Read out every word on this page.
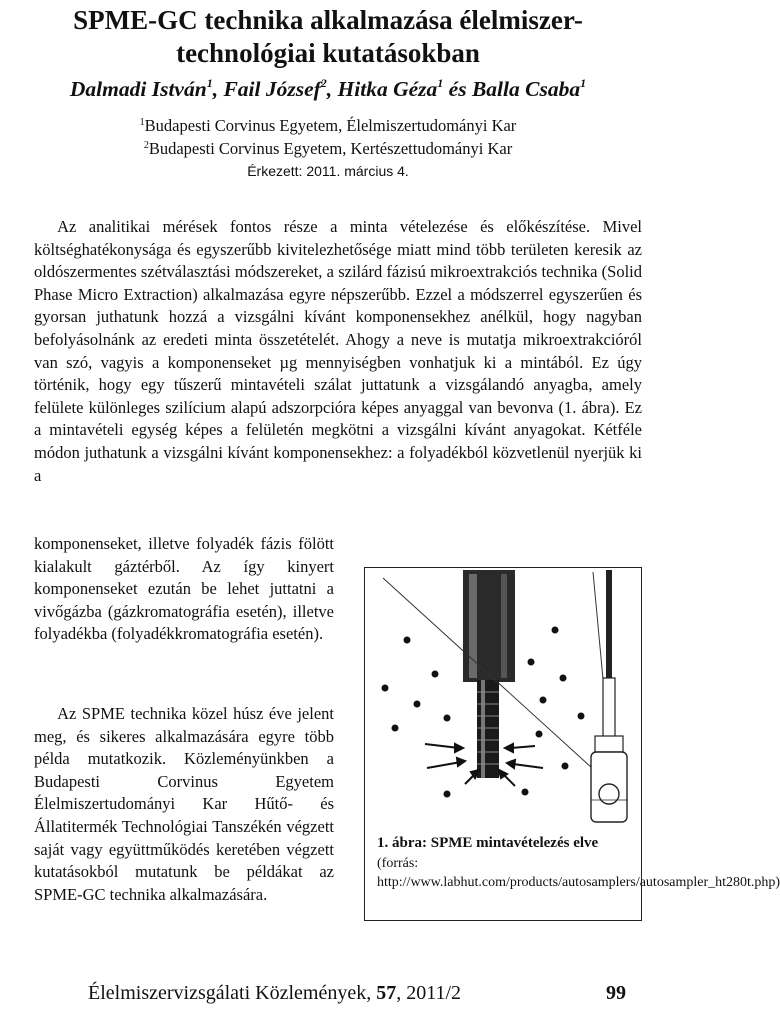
SPME-GC technika alkalmazása élelmiszer-technológiai kutatásokban
Dalmadi István$^1$, Fail József$^2$, Hitka Géza$^1$ és Balla Csaba$^1$
$^1$Budapesti Corvinus Egyetem, Élelmiszertudományi Kar
$^2$Budapesti Corvinus Egyetem, Kertészettudományi Kar
Érkezett: 2011. március 4.

Az analitikai mérések fontos része a minta vételezése és előkészítése. Mivel költséghatékonysága és egyszerűbb kivitelezhetősége miatt mind több területen keresik az oldószermentes szétválasztási módszereket, a szilárd fázisú mikroextrakciós technika (Solid Phase Micro Extraction) alkalmazása egyre népszerűbb. Ezzel a módszerrel egyszerűen és gyorsan juthatunk hozzá a vizsgálni kívánt komponensekhez anélkül, hogy nagyban befolyásolnánk az eredeti minta összetételét. Ahogy a neve is mutatja mikroextrakcióról van szó, vagyis a komponenseket µg mennyiségben vonhatjuk ki a mintából. Ez úgy történik, hogy egy tűszerű mintavételi szálat juttatunk a vizsgálandó anyagba, amely felülete különleges szilícium alapú adszorpcióra képes anyaggal van bevonva (1. ábra). Ez a mintavételi egység képes a felületén megkötni a vizsgálni kívánt anyagokat. Kétféle módon juthatunk a vizsgálni kívánt komponensekhez: a folyadékból közvetlenül nyerjük ki a

komponenseket, illetve folyadék fázis fölött kialakult gáztérből. Az így kinyert komponenseket ezután be lehet juttatni a vivőgázba (gázkromatográfia esetén), illetve folyadékba (folyadékkromatográfia esetén).

Az SPME technika közel húsz éve jelent meg, és sikeres alkalmazására egyre több példa mutatkozik. Közleményünkben a Budapesti Corvinus Egyetem Élelmiszertudományi Kar Hűtő- és Állatitermék Technológiai Tanszékén végzett saját vagy együttműködés keretében végzett kutatásokból mutatunk be példákat az SPME-GC technika alkalmazására.

1. ábra: SPME mintavételezés elve (forrás: http://www.labhut.com/products/autosamplers/autosampler_ht280t.php)
Élelmiszervizsgálati Közlemények, 57, 2011/2	99
